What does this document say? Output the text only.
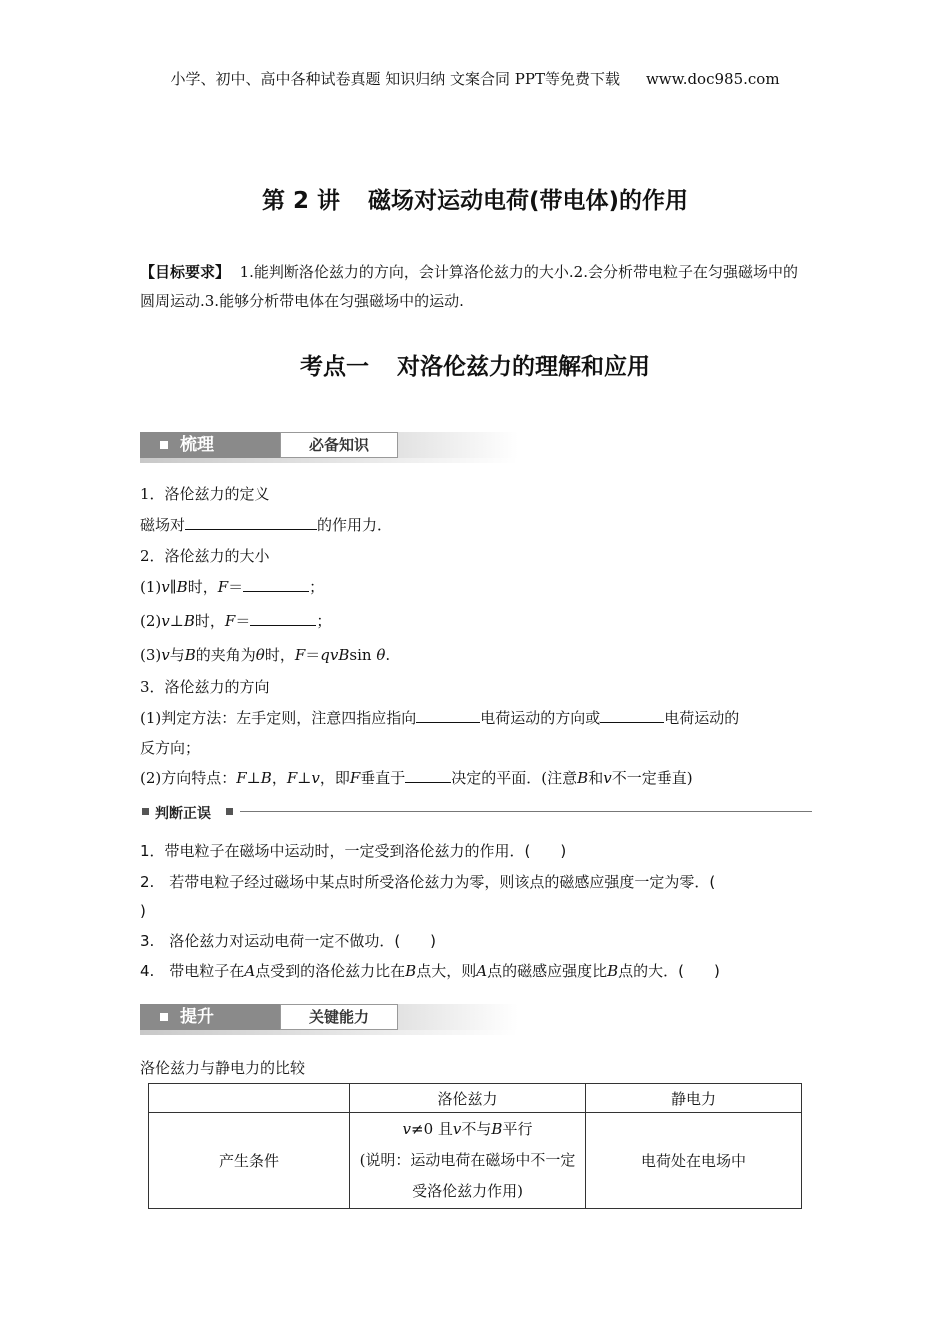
小学、初中、高中各种试卷真题 知识归纳 文案合同 PPT等免费下载 www.doc985.com
第 2 讲 磁场对运动电荷(带电体)的作用
【目标要求】 1.能判断洛伦兹力的方向，会计算洛伦兹力的大小.2.会分析带电粒子在匀强磁场中的圆周运动.3.能够分析带电体在匀强磁场中的运动.
考点一 对洛伦兹力的理解和应用
梳理	必备知识
1．洛伦兹力的定义
磁场对	的作用力．
2．洛伦兹力的大小
(1)v∥B时，F＝	；
(2)v⊥B时，F＝	；
(3)v与B的夹角为θ时，F＝qvBsin θ.
3．洛伦兹力的方向
(1)判定方法：左手定则，注意四指应指向	电荷运动的方向或	电荷运动的
反方向；
(2)方向特点：F⊥B，F⊥v，即F垂直于	决定的平面．(注意B和v不一定垂直)
判断正误
1．带电粒子在磁场中运动时，一定受到洛伦兹力的作用．(　　)
2.　若带电粒子经过磁场中某点时所受洛伦兹力为零，则该点的磁感应强度一定为零．(
)
3.　洛伦兹力对运动电荷一定不做功．(　　)
4.　带电粒子在A点受到的洛伦兹力比在B点大，则A点的磁感应强度比B点的大．(　　)
提升	关键能力
洛伦兹力与静电力的比较
	洛伦兹力	静电力
产生条件	v≠0 且v不与B平行
(说明：运动电荷在磁场中不一定受洛伦兹力作用)	电荷处在电场中
